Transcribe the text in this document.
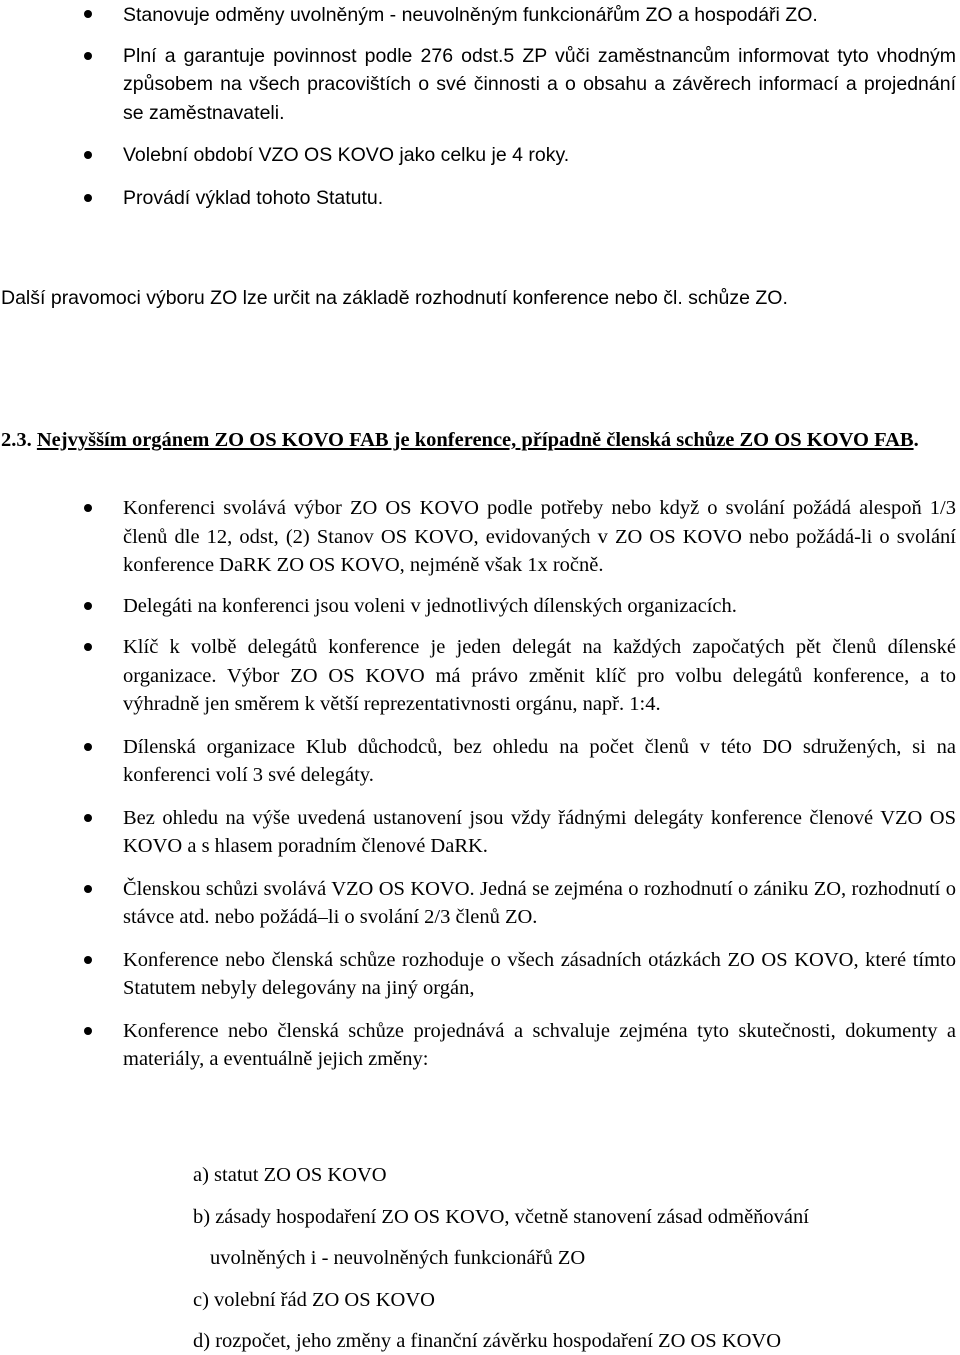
Stanovuje odměny uvolněným - neuvolněným funkcionářům ZO a hospodáři ZO.
Plní a garantuje povinnost podle 276 odst.5 ZP vůči zaměstnancům informovat tyto vhodným způsobem na všech pracovištích o své činnosti a o obsahu a závěrech informací a projednání se zaměstnavateli.
Volební období VZO OS KOVO jako celku je 4 roky.
Provádí výklad tohoto Statutu.

Další pravomoci výboru ZO lze určit na základě rozhodnutí konference nebo čl. schůze ZO.

2.3. Nejvyšším orgánem ZO OS KOVO FAB je konference, případně členská schůze ZO OS KOVO FAB.
Konferenci svolává výbor ZO OS KOVO podle potřeby nebo když o svolání požádá alespoň 1/3 členů dle 12, odst, (2) Stanov OS KOVO, evidovaných v ZO OS KOVO nebo požádá-li o svolání konference DaRK ZO OS KOVO, nejméně však 1x ročně.
Delegáti na konferenci jsou voleni v jednotlivých dílenských organizacích.
Klíč k volbě delegátů konference je jeden delegát na každých započatých pět členů dílenské organizace. Výbor ZO OS KOVO má právo změnit klíč pro volbu delegátů konference, a to výhradně jen směrem k větší reprezentativnosti orgánu, např. 1:4.
Dílenská organizace Klub důchodců, bez ohledu na počet členů v této DO sdružených, si na konferenci volí 3 své delegáty.
Bez ohledu na výše uvedená ustanovení jsou vždy řádnými delegáty konference členové VZO OS KOVO a s hlasem poradním členové DaRK.
Členskou schůzi svolává VZO OS KOVO. Jedná se zejména o rozhodnutí o zániku ZO, rozhodnutí o stávce atd. nebo požádá–li o svolání 2/3 členů ZO.
Konference nebo členská schůze rozhoduje o všech zásadních otázkách ZO OS KOVO, které tímto Statutem nebyly delegovány na jiný orgán,
Konference nebo členská schůze projednává a schvaluje zejména tyto skutečnosti, dokumenty a materiály, a eventuálně jejich změny:
a) statut ZO OS KOVO
b) zásady hospodaření ZO OS KOVO, včetně stanovení zásad odměňování
uvolněných i - neuvolněných funkcionářů ZO
c) volební řád ZO OS KOVO
d) rozpočet, jeho změny a finanční závěrku hospodaření ZO OS KOVO
